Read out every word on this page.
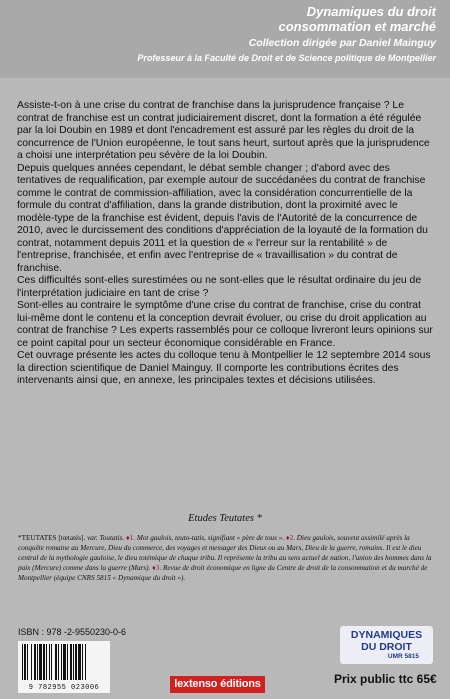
Dynamiques du droit
consommation et marché
Collection dirigée par Daniel Mainguy
Professeur à la Faculté de Droit et de Science politique de Montpellier

Assiste-t-on à une crise du contrat de franchise dans la jurisprudence française ? Le contrat de franchise est un contrat judiciairement discret, dont la formation a été régulée par la loi Doubin en 1989 et dont l'encadrement est assuré par les règles du droit de la concurrence de l'Union européenne, le tout sans heurt, surtout après que la jurisprudence a choisi une interprétation peu sévère de la loi Doubin.

Depuis quelques années cependant, le débat semble changer ; d'abord avec des tentatives de requalification, par exemple autour de succédanées du contrat de franchise comme le contrat de commission-affiliation, avec la considération concurrentielle de la formule du contrat d'affiliation, dans la grande distribution, dont la proximité avec le modèle-type de la franchise est évident, depuis l'avis de l'Autorité de la concurrence de 2010, avec le durcissement des conditions d'appréciation de la loyauté de la formation du contrat, notamment depuis 2011 et la question de « l'erreur sur la rentabilité » de l'entreprise, franchisée, et enfin avec l'entreprise de « travaillisation » du contrat de franchise.

Ces difficultés sont-elles surestimées ou ne sont-elles que le résultat ordinaire du jeu de l'interprétation judiciaire en tant de crise ?

Sont-elles au contraire le symptôme d'une crise du contrat de franchise, crise du contrat lui-même dont le contenu et la conception devrait évoluer, ou crise du droit application au contrat de franchise ? Les experts rassemblés pour ce colloque livreront leurs opinions sur ce point capital pour un secteur économique considérable en France.

Cet ouvrage présente les actes du colloque tenu à Montpellier le 12 septembre 2014 sous la direction scientifique de Daniel Mainguy. Il comporte les contributions écrites des intervenants ainsi que, en annexe, les principales textes et décisions utilisées.

Etudes Teutates *
*TEUTATES [tœtatés]. var. Toutatis. ♦1. Mot gaulois, teuto-tatis, signifiant « père de tous ». ♦2. Dieu gaulois, souvent assimilé après la conquête romaine au Mercure, Dieu du commerce, des voyages et messager des Dieux ou au Mars, Dieu de la guerre, romains. Il est le dieu central de la mythologie gauloise, le dieu totémique de chaque tribu. Il représente la tribu au sens actuel de nation, l'union des hommes dans la paix (Mercure) comme dans la guerre (Mars). ♦3. Revue de droit économique en ligne du Centre de droit de la consommation et du marché de Montpellier (équipe CNRS 5815 « Dynamique du droit »).
ISBN : 978 -2-9550230-0-6
9 782955 023006	lextenso éditions
DYNAMIQUES
DU DROIT
UMR 5815
Prix public ttc 65€
